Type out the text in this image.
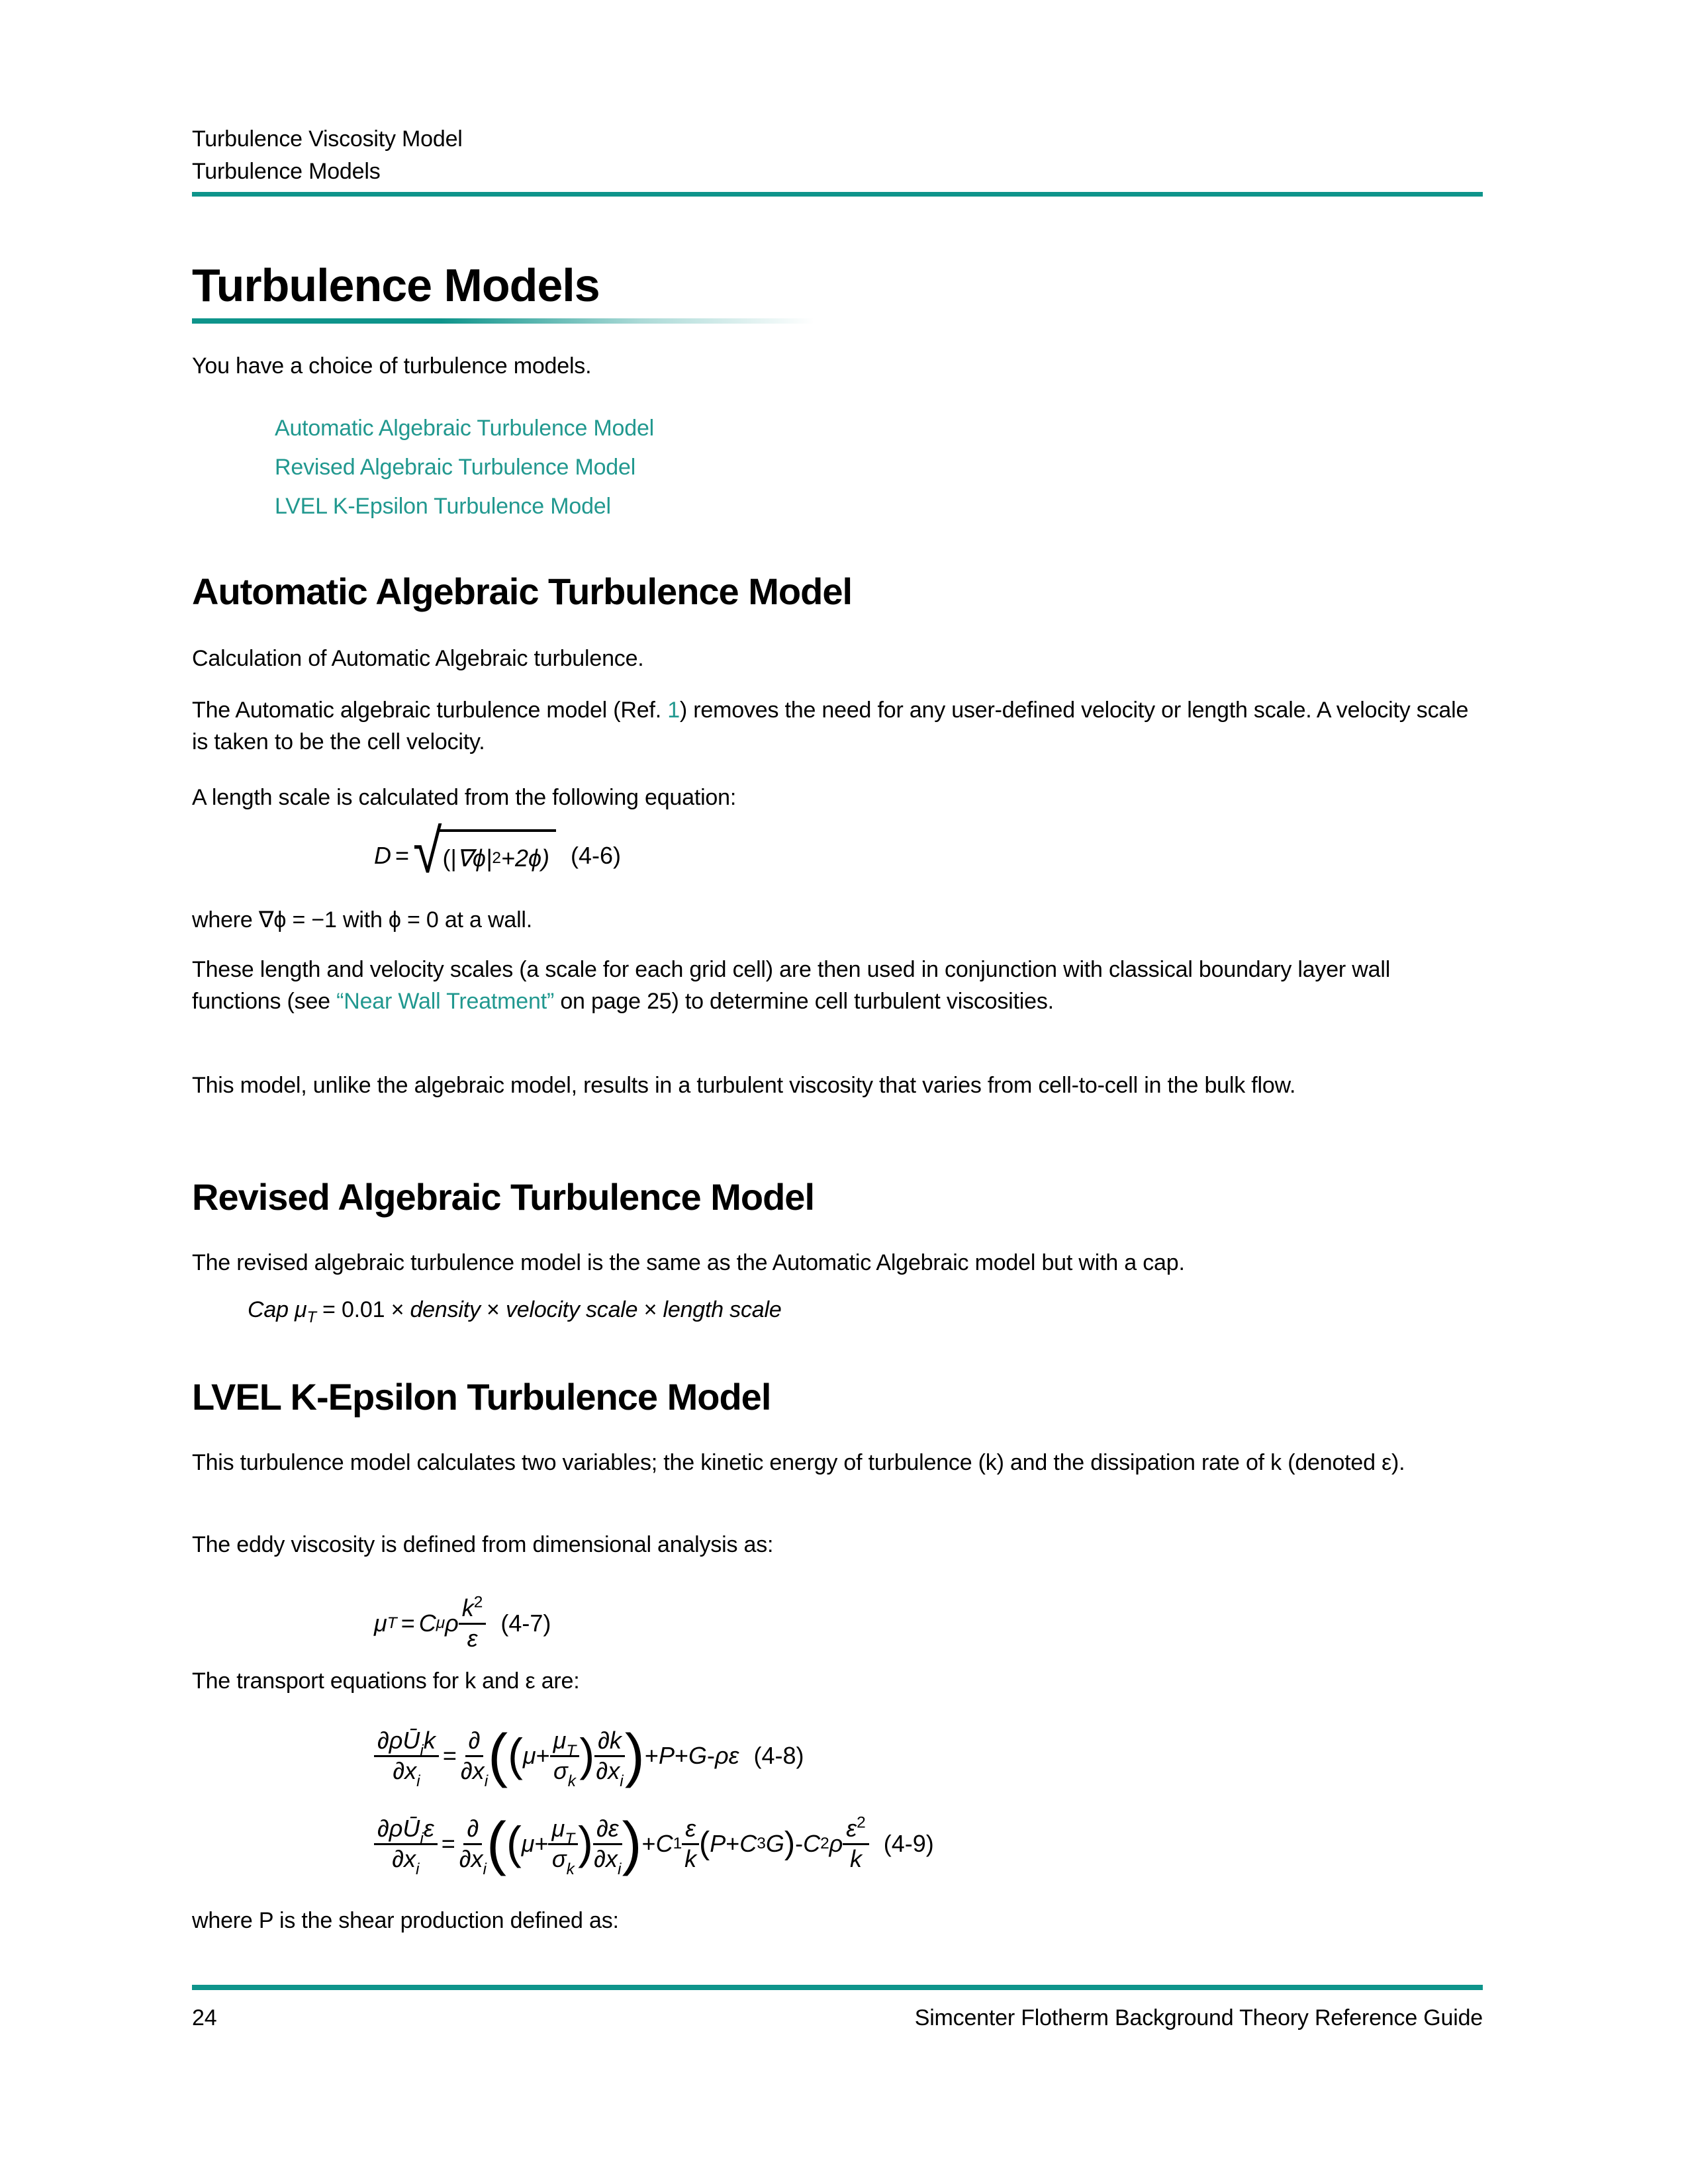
Turbulence Viscosity Model
Turbulence Models
Turbulence Models
You have a choice of turbulence models.
Automatic Algebraic Turbulence Model
Revised Algebraic Turbulence Model
LVEL K-Epsilon Turbulence Model
Automatic Algebraic Turbulence Model
Calculation of Automatic Algebraic turbulence.
The Automatic algebraic turbulence model (Ref. 1) removes the need for any user-defined velocity or length scale. A velocity scale is taken to be the cell velocity.
A length scale is calculated from the following equation:
D = √ (| ∇ϕ| 2 +2ϕ) (4-6)
where ∇ϕ = −1 with ϕ = 0 at a wall.
These length and velocity scales (a scale for each grid cell) are then used in conjunction with classical boundary layer wall functions (see “Near Wall Treatment” on page 25) to determine cell turbulent viscosities.
This model, unlike the algebraic model, results in a turbulent viscosity that varies from cell-to-cell in the bulk flow.
Revised Algebraic Turbulence Model
The revised algebraic turbulence model is the same as the Automatic Algebraic model but with a cap.
Cap $\mu_T = 0.01$ × density × velocity scale × length scale
LVEL K-Epsilon Turbulence Model
This turbulence model calculates two variables; the kinetic energy of turbulence (k) and the dissipation rate of k (denoted ε).
The eddy viscosity is defined from dimensional analysis as:
μ T = C μ ρ $\frac{k^2}{\varepsilon} (4-7)$
The transport equations for k and ε are:
$\frac{\partial\rho Ū_ik}{\partial x_i} = \frac{\partial}{\partial x_i}$ ( ( $\mu + \frac{\mu_T}{\sigma_k}$ ) $\frac{\partial k}{\partial x_i}$ ) + P + G - ρε (4-8)
$\frac{\partial\rho Ū_i\varepsilon}{\partial x_i} = \frac{\partial}{\partial x_i}$ ( ( $\mu + \frac{\mu_T}{\sigma_k}$ ) $\frac{\partial\varepsilon}{\partial x_i}$ ) + C $1 \frac{\varepsilon}{k}$ ( P + C 3 G ) - C 2 ρ $\frac{\varepsilon^2}{k} (4-9)$
where P is the shear production defined as:
24	Simcenter Flotherm Background Theory Reference Guide
